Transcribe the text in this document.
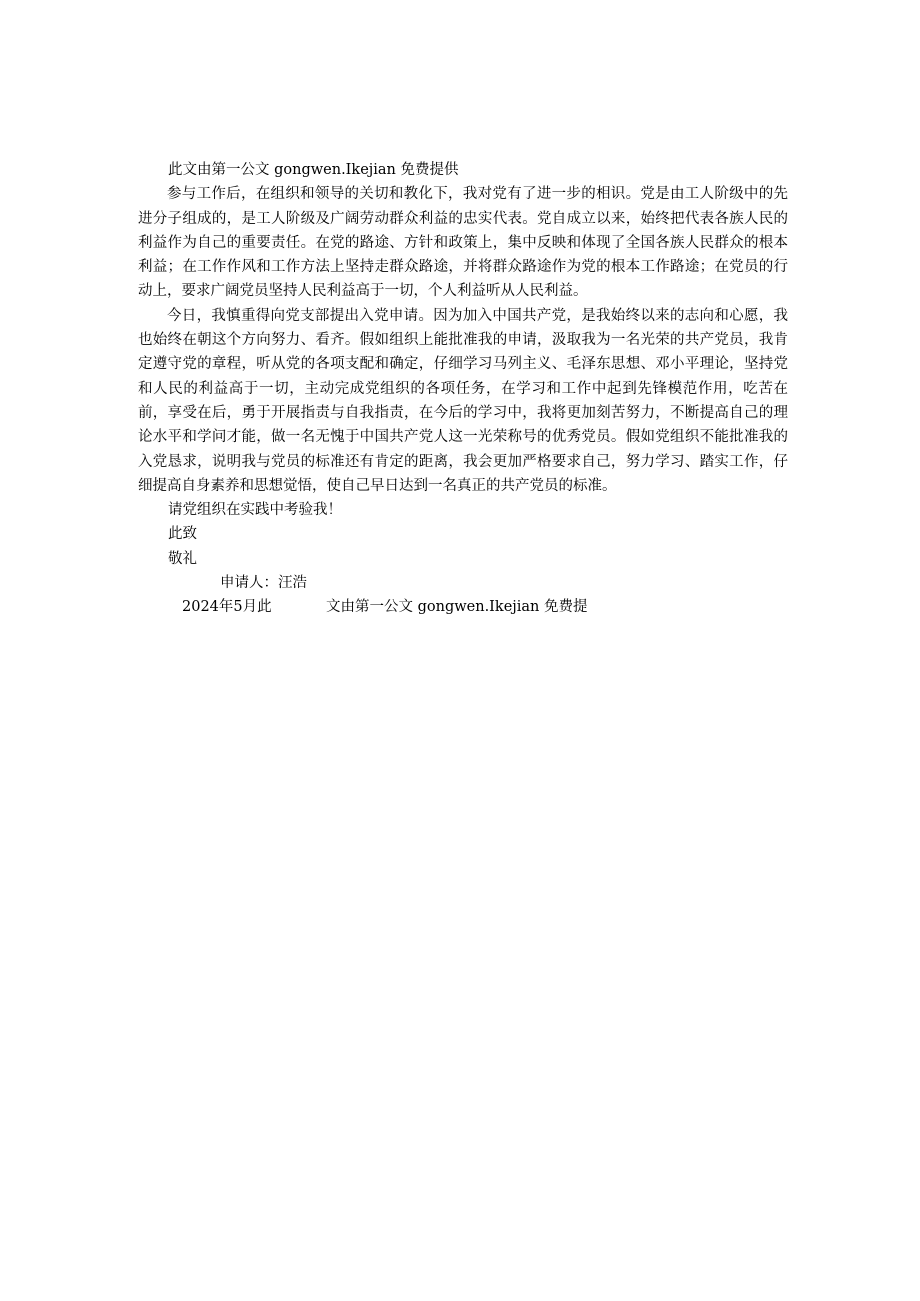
此文由第一公文 gongwen.Ikejian 免费提供

参与工作后，在组织和领导的关切和教化下，我对党有了进一步的相识。党是由工人阶级中的先进分子组成的，是工人阶级及广阔劳动群众利益的忠实代表。党自成立以来，始终把代表各族人民的利益作为自己的重要责任。在党的路途、方针和政策上，集中反映和体现了全国各族人民群众的根本利益；在工作作风和工作方法上坚持走群众路途，并将群众路途作为党的根本工作路途；在党员的行动上，要求广阔党员坚持人民利益高于一切，个人利益听从人民利益。

今日，我慎重得向党支部提出入党申请。因为加入中国共产党，是我始终以来的志向和心愿，我也始终在朝这个方向努力、看齐。假如组织上能批准我的申请，汲取我为一名光荣的共产党员，我肯定遵守党的章程，听从党的各项支配和确定，仔细学习马列主义、毛泽东思想、邓小平理论，坚持党和人民的利益高于一切，主动完成党组织的各项任务，在学习和工作中起到先锋模范作用，吃苦在前，享受在后，勇于开展指责与自我指责，在今后的学习中，我将更加刻苦努力，不断提高自己的理论水平和学问才能，做一名无愧于中国共产党人这一光荣称号的优秀党员。假如党组织不能批准我的入党恳求，说明我与党员的标准还有肯定的距离，我会更加严格要求自己，努力学习、踏实工作，仔细提高自身素养和思想觉悟，使自己早日达到一名真正的共产党员的标准。

请党组织在实践中考验我！
此致
敬礼
申请人：汪浩
2024年5月此	文由第一公文 gongwen.Ikejian 免费提
